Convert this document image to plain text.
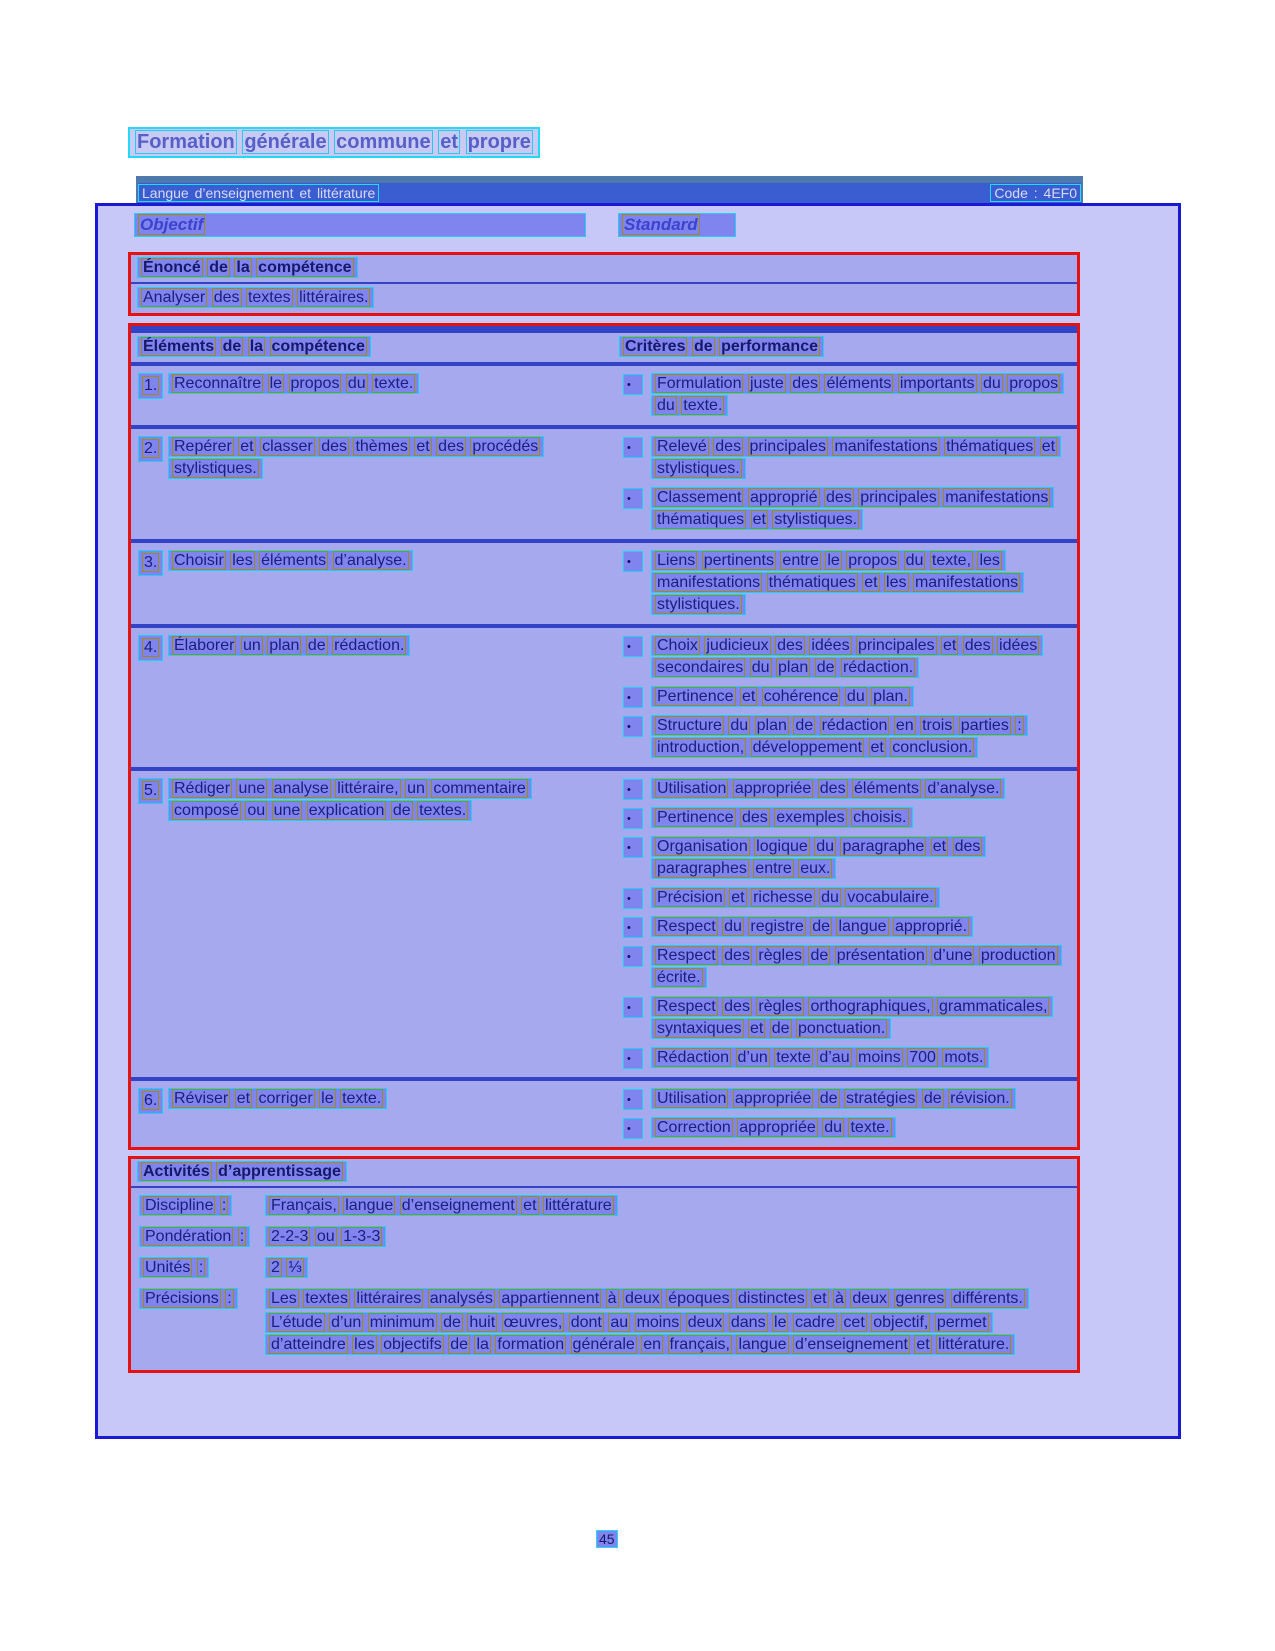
Formation générale commune et propre
Langue d’enseignement et littérature	Code : 4EF0
Objectif	Standard
Énoncé de la compétence
Analyser des textes littéraires.
Éléments de la compétence	Critères de performance
1.	Reconnaître le propos du texte.	•	Formulation juste des éléments importants du propos du texte.
2.	Repérer et classer des thèmes et des procédés stylistiques.
•	Relevé des principales manifestations thématiques et stylistiques.
•	Classement approprié des principales manifestations thématiques et stylistiques.
3.	Choisir les éléments d’analyse.	•	Liens pertinents entre le propos du texte, les manifestations thématiques et les manifestations stylistiques.
4.	Élaborer un plan de rédaction.	•	Choix judicieux des idées principales et des idées secondaires du plan de rédaction.
•	Pertinence et cohérence du plan.
•	Structure du plan de rédaction en trois parties : introduction, développement et conclusion.
5.	Rédiger une analyse littéraire, un commentaire composé ou une explication de textes.
•	Utilisation appropriée des éléments d’analyse.
•	Pertinence des exemples choisis.
•	Organisation logique du paragraphe et des paragraphes entre eux.
•	Précision et richesse du vocabulaire.
•	Respect du registre de langue approprié.
•	Respect des règles de présentation d’une production écrite.
•	Respect des règles orthographiques, grammaticales, syntaxiques et de ponctuation.
•	Rédaction d’un texte d’au moins 700 mots.
6.	Réviser et corriger le texte.	•	Utilisation appropriée de stratégies de révision.
•	Correction appropriée du texte.
Activités d’apprentissage
Discipline :	Français, langue d’enseignement et littérature
Pondération :	2-2-3 ou 1-3-3
Unités :	2 ⅓
Précisions :	Les textes littéraires analysés appartiennent à deux époques distinctes et à deux genres différents.
L’étude d’un minimum de huit œuvres, dont au moins deux dans le cadre cet objectif, permet d’atteindre les objectifs de la formation générale en français, langue d’enseignement et littérature.
45
